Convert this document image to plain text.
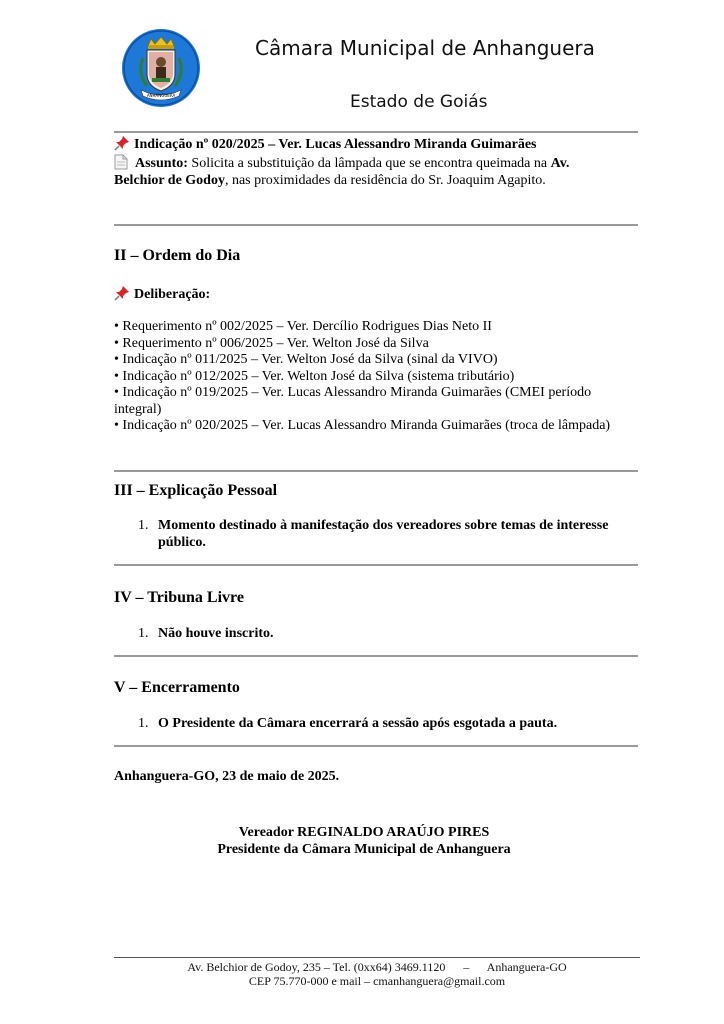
ANHANGUERA
Câmara Municipal de Anhanguera
Estado de Goiás
Indicação nº 020/2025 – Ver. Lucas Alessandro Miranda Guimarães
Assunto: Solicita a substituição da lâmpada que se encontra queimada na Av.
Belchior de Godoy, nas proximidades da residência do Sr. Joaquim Agapito.
II – Ordem do Dia
Deliberação:
• Requerimento nº 002/2025 – Ver. Dercílio Rodrigues Dias Neto II
• Requerimento nº 006/2025 – Ver. Welton José da Silva
• Indicação nº 011/2025 – Ver. Welton José da Silva (sinal da VIVO)
• Indicação nº 012/2025 – Ver. Welton José da Silva (sistema tributário)
• Indicação nº 019/2025 – Ver. Lucas Alessandro Miranda Guimarães (CMEI período
integral)
• Indicação nº 020/2025 – Ver. Lucas Alessandro Miranda Guimarães (troca de lâmpada)
III – Explicação Pessoal
1. Momento destinado à manifestação dos vereadores sobre temas de interesse público.
IV – Tribuna Livre
1. Não houve inscrito.
V – Encerramento
1. O Presidente da Câmara encerrará a sessão após esgotada a pauta.
Anhanguera-GO, 23 de maio de 2025.
Vereador REGINALDO ARAÚJO PIRES
Presidente da Câmara Municipal de Anhanguera
Av. Belchior de Godoy, 235 – Tel. (0xx64) 3469.1120      –      Anhanguera-GO
CEP 75.770-000 e mail – cmanhanguera@gmail.com
